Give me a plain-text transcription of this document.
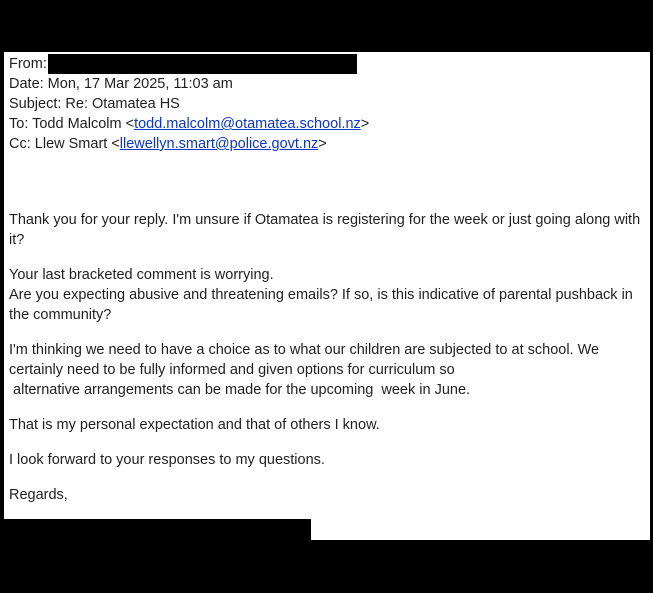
From:
Date: Mon, 17 Mar 2025, 11:03 am
Subject: Re: Otamatea HS
To: Todd Malcolm <todd.malcolm@otamatea.school.nz>
Cc: Llew Smart <llewellyn.smart@police.govt.nz>

Thank you for your reply. I'm unsure if Otamatea is registering for the week or just going along with it?

Your last bracketed comment is worrying.
Are you expecting abusive and threatening emails? If so, is this indicative of parental pushback in the community?

I'm thinking we need to have a choice as to what our children are subjected to at school. We certainly need to be fully informed and given options for curriculum so
alternative arrangements can be made for the upcoming  week in June.

That is my personal expectation and that of others I know.

I look forward to your responses to my questions.

Regards,
